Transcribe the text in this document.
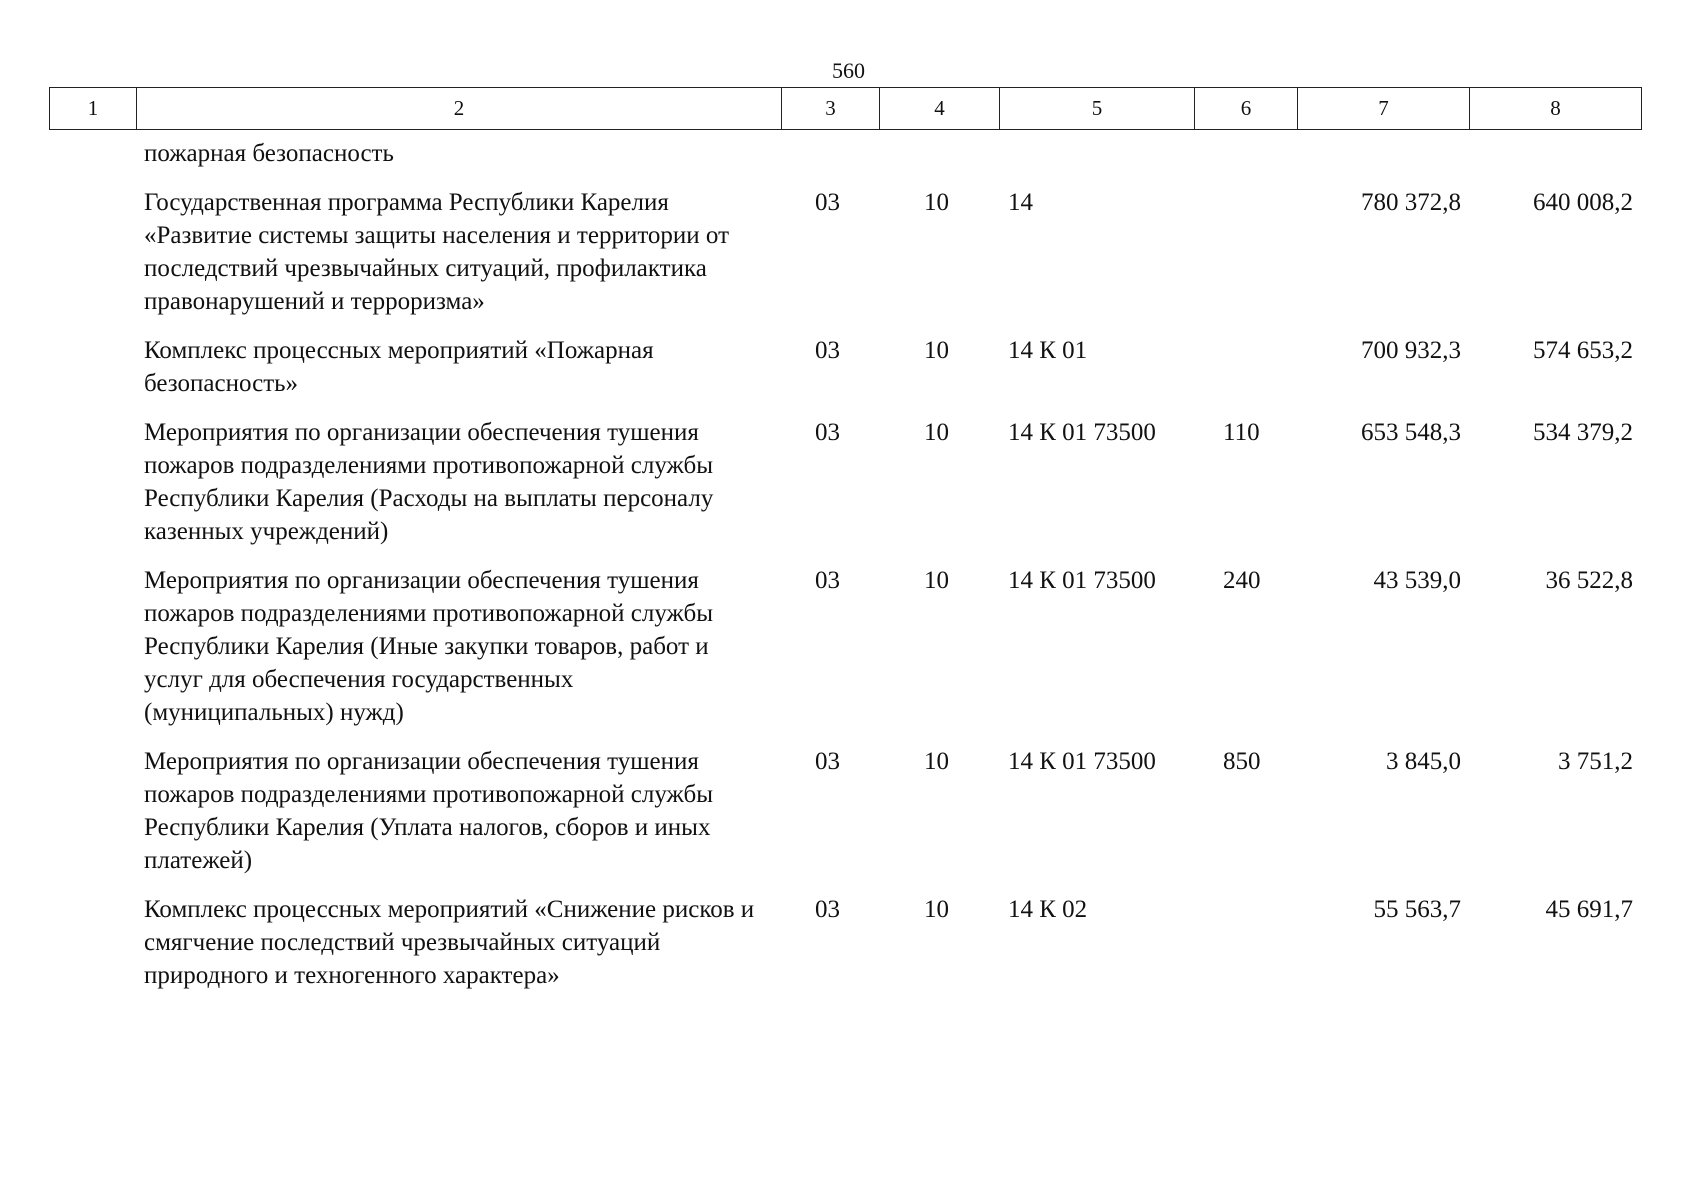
560
1	2	3	4	5	6	7	8
пожарная безопасность						
Государственная программа Республики Карелия «Развитие системы защиты населения и территории от последствий чрезвычайных ситуаций, профилактика правонарушений и терроризма»	03	10	14		780 372,8	640 008,2
Комплекс процессных мероприятий «Пожарная безопасность»	03	10	14 К 01		700 932,3	574 653,2
Мероприятия по организации обеспечения тушения пожаров подразделениями противопожарной службы Республики Карелия (Расходы на выплаты персоналу казенных учреждений)	03	10	14 К 01 73500	110	653 548,3	534 379,2
Мероприятия по организации обеспечения тушения пожаров подразделениями противопожарной службы Республики Карелия (Иные закупки товаров, работ и услуг для обеспечения государственных (муниципальных) нужд)	03	10	14 К 01 73500	240	43 539,0	36 522,8
Мероприятия по организации обеспечения тушения пожаров подразделениями противопожарной службы Республики Карелия (Уплата налогов, сборов и иных платежей)	03	10	14 К 01 73500	850	3 845,0	3 751,2
Комплекс процессных мероприятий «Снижение рисков и смягчение последствий чрезвычайных ситуаций природного и техногенного характера»	03	10	14 К 02		55 563,7	45 691,7
